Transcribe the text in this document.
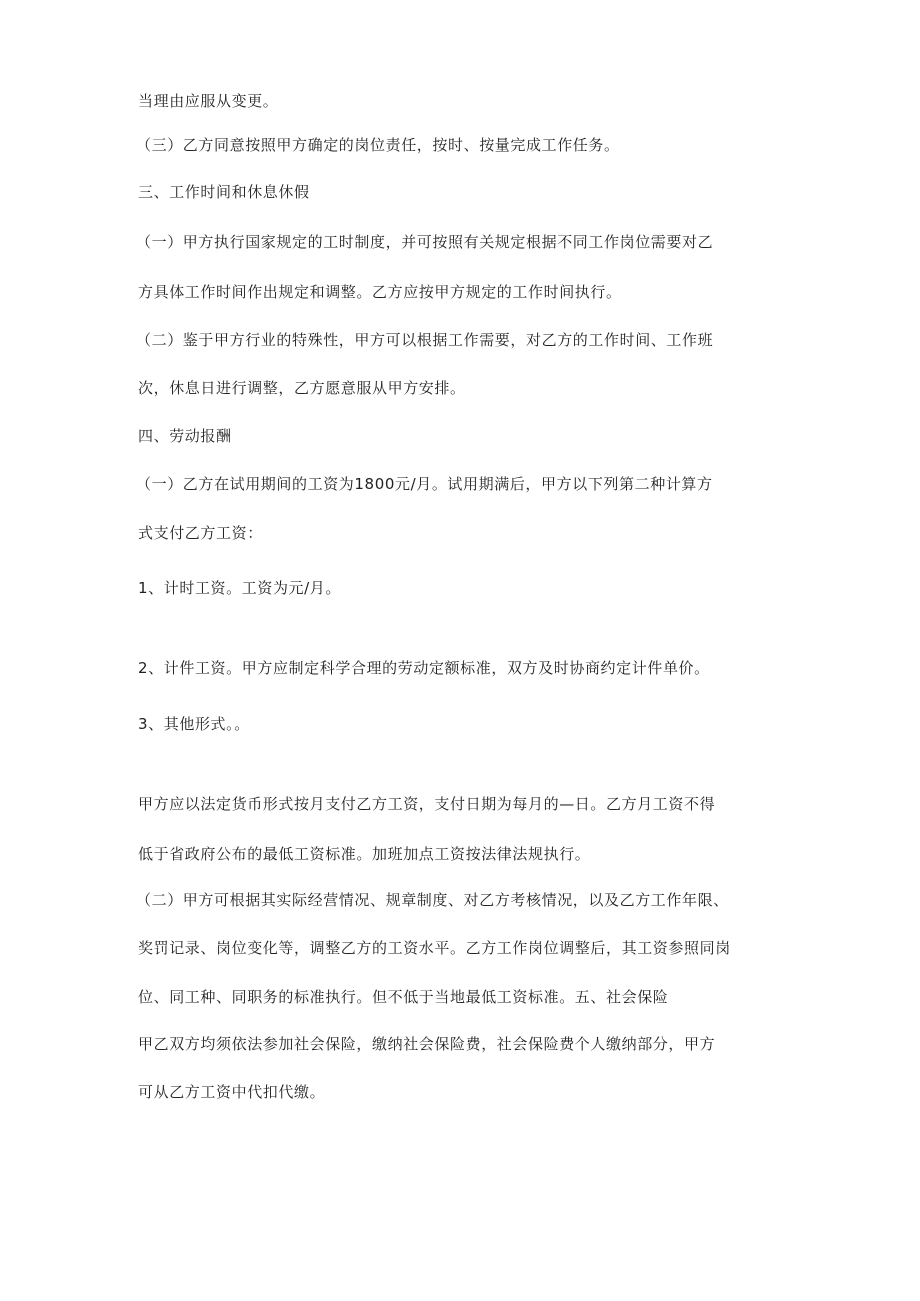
当理由应服从变更。
（三）乙方同意按照甲方确定的岗位责任，按时、按量完成工作任务。
三、工作时间和休息休假
（一）甲方执行国家规定的工时制度，并可按照有关规定根据不同工作岗位需要对乙
方具体工作时间作出规定和调整。乙方应按甲方规定的工作时间执行。
（二）鉴于甲方行业的特殊性，甲方可以根据工作需要，对乙方的工作时间、工作班
次，休息日进行调整，乙方愿意服从甲方安排。
四、劳动报酬
（一）乙方在试用期间的工资为1800元/月。试用期满后，甲方以下列第二种计算方
式支付乙方工资：
1、计时工资。工资为元/月。
2、计件工资。甲方应制定科学合理的劳动定额标准，双方及时协商约定计件单价。
3、其他形式。。
甲方应以法定货币形式按月支付乙方工资，支付日期为每月的—日。乙方月工资不得
低于省政府公布的最低工资标准。加班加点工资按法律法规执行。
（二）甲方可根据其实际经营情况、规章制度、对乙方考核情况，以及乙方工作年限、
奖罚记录、岗位变化等，调整乙方的工资水平。乙方工作岗位调整后，其工资参照同岗
位、同工种、同职务的标准执行。但不低于当地最低工资标准。五、社会保险
甲乙双方均须依法参加社会保险，缴纳社会保险费，社会保险费个人缴纳部分，甲方
可从乙方工资中代扣代缴。
